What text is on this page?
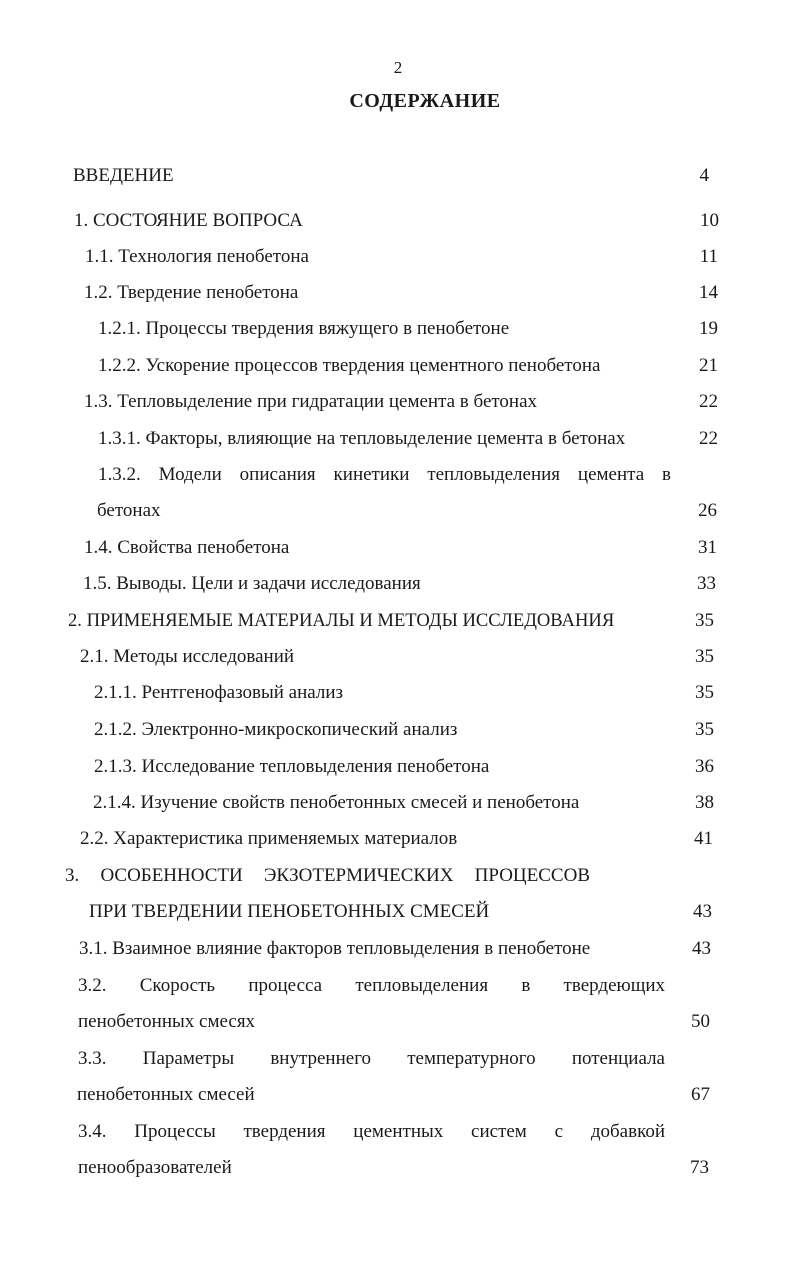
2
СОДЕРЖАНИЕ
ВВЕДЕНИЕ	4
1. СОСТОЯНИЕ ВОПРОСА	10
1.1. Технология пенобетона	11
1.2. Твердение пенобетона	14
1.2.1. Процессы твердения вяжущего в пенобетоне	19
1.2.2. Ускорение процессов твердения цементного пенобетона	21
1.3. Тепловыделение при гидратации цемента в бетонах	22
1.3.1. Факторы, влияющие на тепловыделение цемента в бетонах	22
1.3.2. Модели описания кинетики тепловыделения цемента в
бетонах	26
1.4. Свойства пенобетона	31
1.5. Выводы. Цели и задачи исследования	33
2. ПРИМЕНЯЕМЫЕ МАТЕРИАЛЫ И МЕТОДЫ ИССЛЕДОВАНИЯ	35
2.1. Методы исследований	35
2.1.1. Рентгенофазовый анализ	35
2.1.2. Электронно-микроскопический анализ	35
2.1.3. Исследование тепловыделения пенобетона	36
2.1.4. Изучение свойств пенобетонных смесей и пенобетона	38
2.2. Характеристика применяемых материалов	41
3. ОСОБЕННОСТИ ЭКЗОТЕРМИЧЕСКИХ ПРОЦЕССОВ
ПРИ ТВЕРДЕНИИ ПЕНОБЕТОННЫХ СМЕСЕЙ	43
3.1. Взаимное влияние факторов тепловыделения в пенобетоне	43
3.2. Скорость процесса тепловыделения в твердеющих
пенобетонных смесях	50
3.3. Параметры внутреннего температурного потенциала
пенобетонных смесей	67
3.4. Процессы твердения цементных систем с добавкой
пенообразователей	73
